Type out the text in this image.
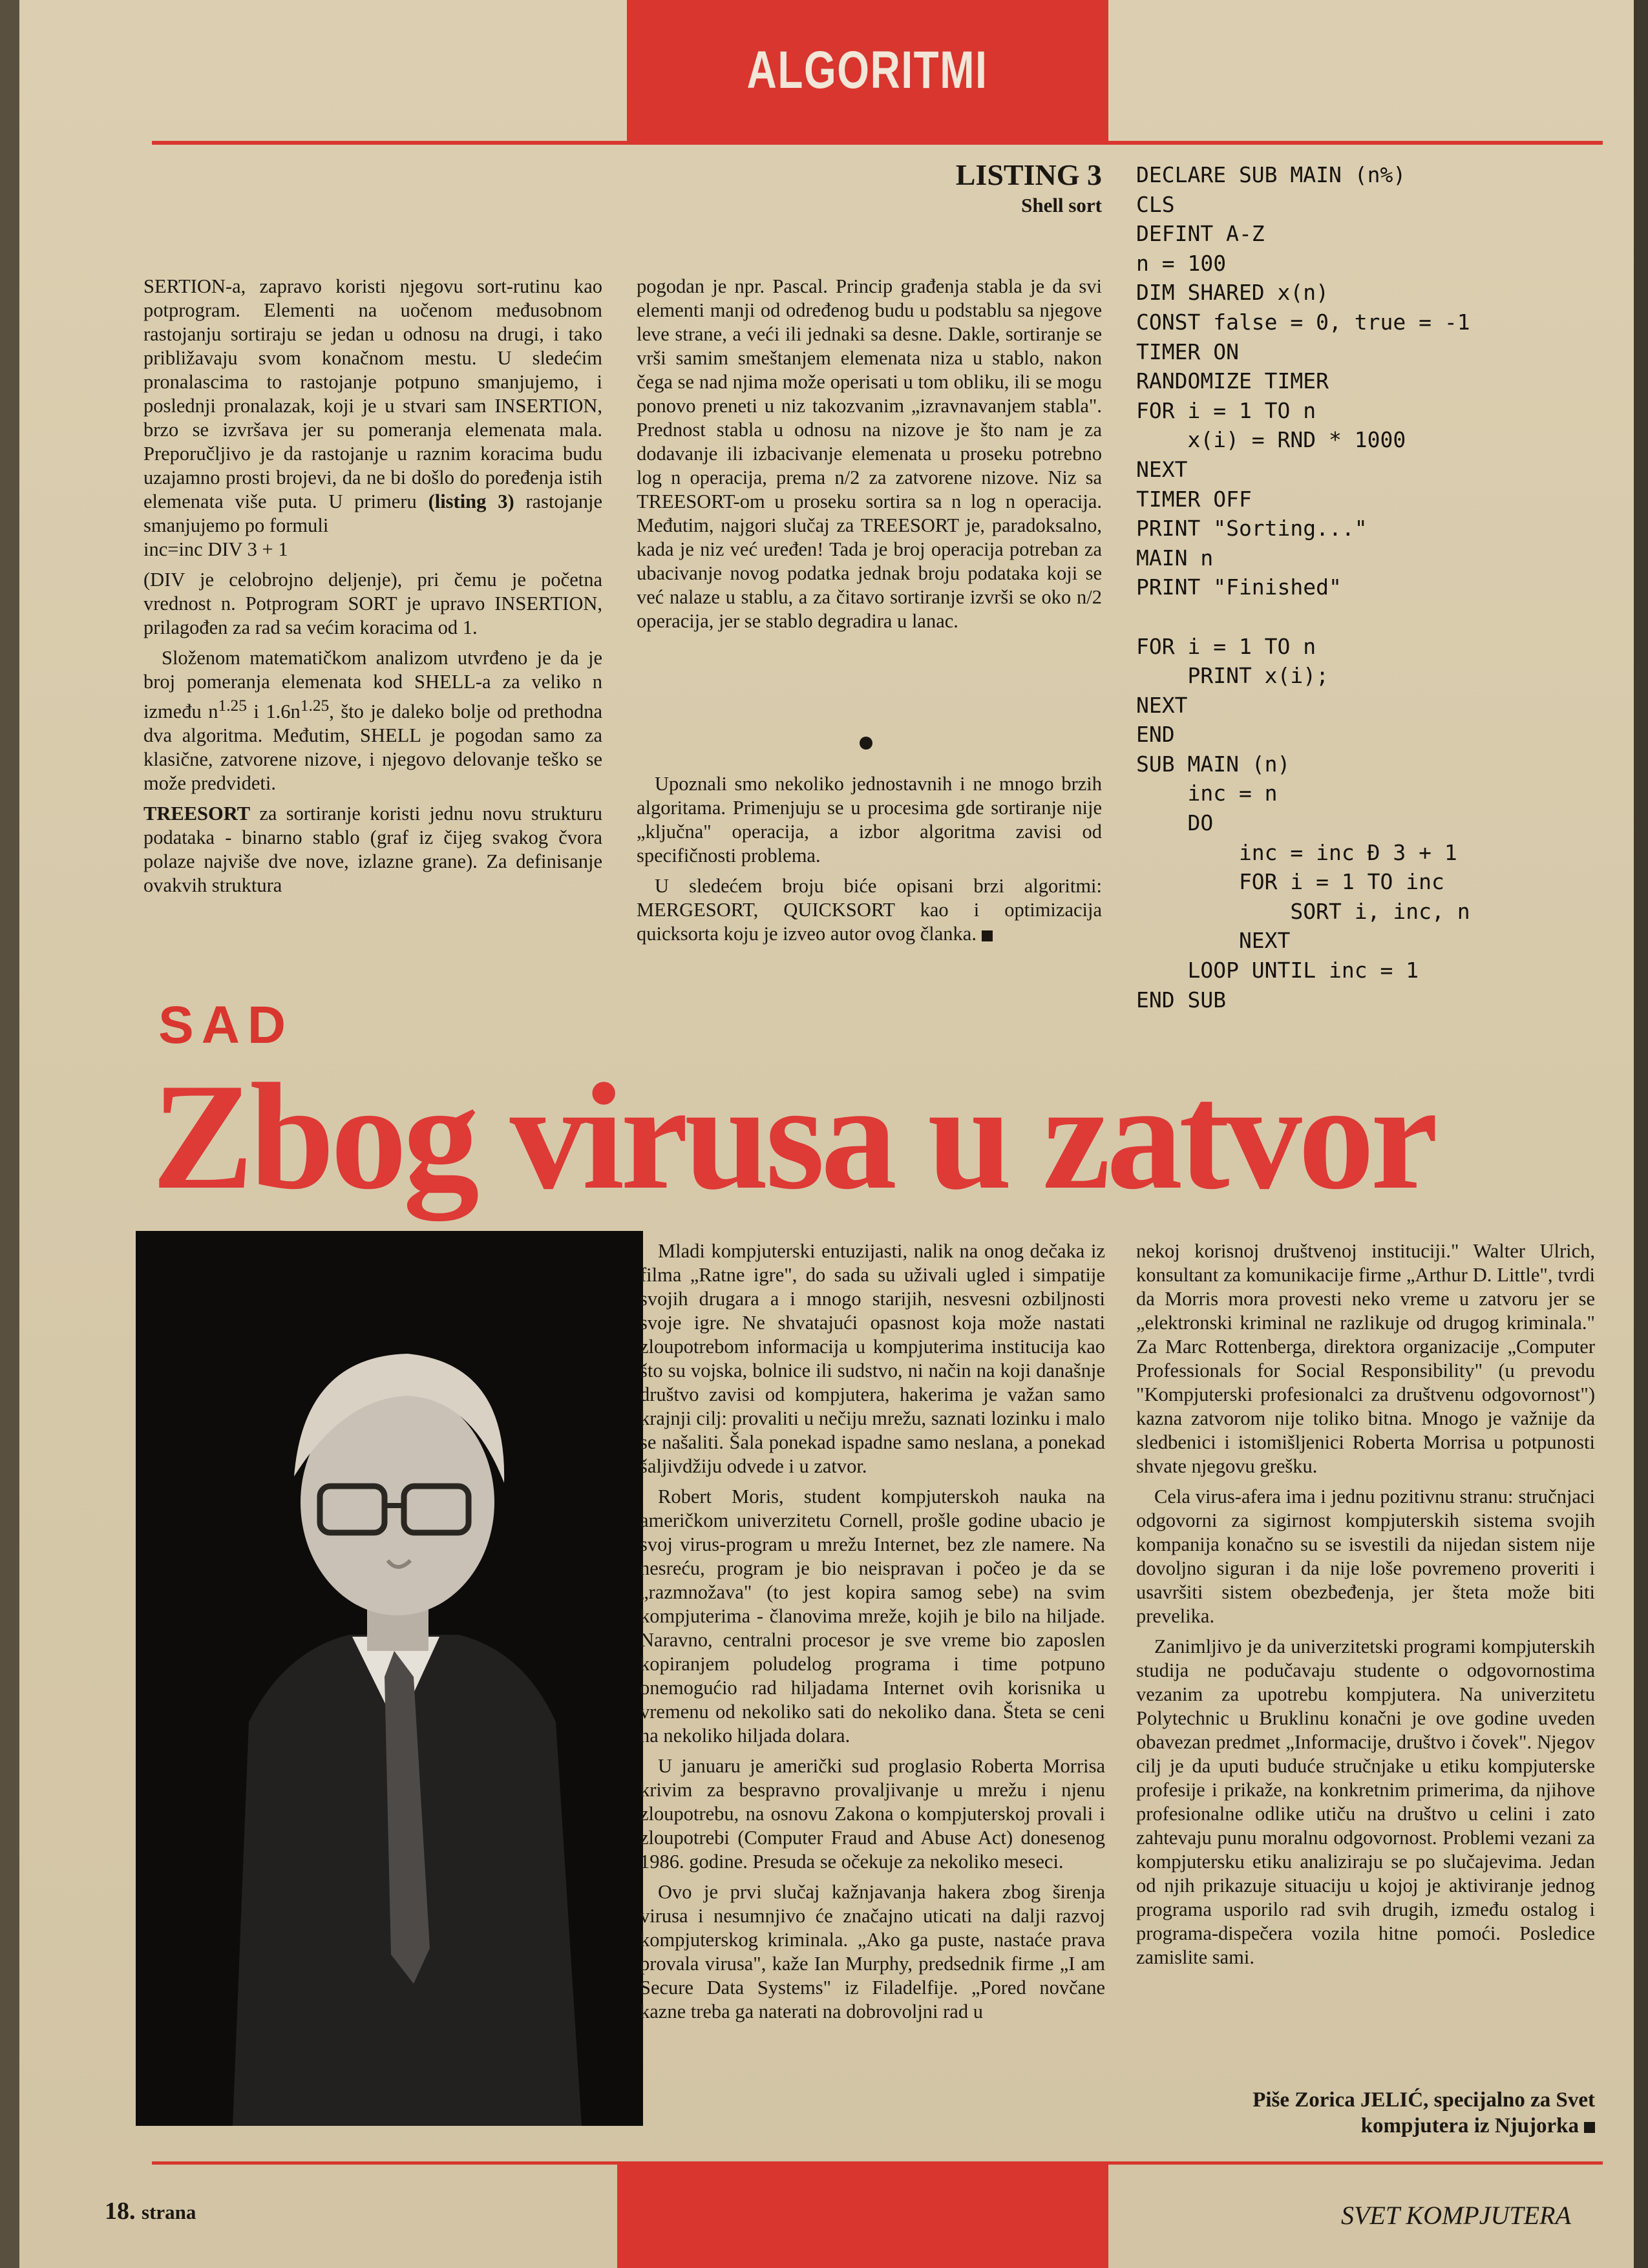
ALGORITMI
LISTING 3
Shell sort
DECLARE SUB MAIN (n%)
CLS
DEFINT A-Z
n = 100
DIM SHARED x(n)
CONST false = 0, true = -1
TIMER ON
RANDOMIZE TIMER
FOR i = 1 TO n
x(i) = RND * 1000
NEXT
TIMER OFF
PRINT "Sorting..."
MAIN n
PRINT "Finished"

FOR i = 1 TO n
PRINT x(i);
NEXT
END
SUB MAIN (n)
inc = n
DO
inc = inc Ð 3 + 1
FOR i = 1 TO inc
SORT i, inc, n
NEXT
LOOP UNTIL inc = 1
END SUB

SERTION-a, zapravo koristi njegovu sort-rutinu kao potprogram. Elementi na uočenom međusobnom rastojanju sortiraju se jedan u odnosu na drugi, i tako približavaju svom konačnom mestu. U sledećim pronalascima to rastojanje potpuno smanjujemo, i poslednji pronalazak, koji je u stvari sam INSERTION, brzo se izvršava jer su pomeranja elemenata mala. Preporučljivo je da rastojanje u raznim koracima budu uzajamno prosti brojevi, da ne bi došlo do poređenja istih elemenata više puta. U primeru (listing 3) rastojanje smanjujemo po formuli
inc=inc DIV 3 + 1

(DIV je celobrojno deljenje), pri čemu je početna vrednost n. Potprogram SORT je upravo INSERTION, prilagođen za rad sa većim koracima od 1.

Složenom matematičkom analizom utvrđeno je da je broj pomeranja elemenata kod SHELL-a za veliko n između $n^{1.25}$ i $1.6n^{1.25}$, što je daleko bolje od prethodna dva algoritma. Međutim, SHELL je pogodan samo za klasične, zatvorene nizove, i njegovo delovanje teško se može predvideti.

TREESORT za sortiranje koristi jednu novu strukturu podataka - binarno stablo (graf iz čijeg svakog čvora polaze najviše dve nove, izlazne grane). Za definisanje ovakvih struktura

pogodan je npr. Pascal. Princip građenja stabla je da svi elementi manji od određenog budu u podstablu sa njegove leve strane, a veći ili jednaki sa desne. Dakle, sortiranje se vrši samim smeštanjem elemenata niza u stablo, nakon čega se nad njima može operisati u tom obliku, ili se mogu ponovo preneti u niz takozvanim „izravnavanjem stabla". Prednost stabla u odnosu na nizove je što nam je za dodavanje ili izbacivanje elemenata u proseku potrebno log n operacija, prema n/2 za zatvorene nizove. Niz sa TREESORT-om u proseku sortira sa n log n operacija. Međutim, najgori slučaj za TREESORT je, paradoksalno, kada je niz već uređen! Tada je broj operacija potreban za ubacivanje novog podatka jednak broju podataka koji se već nalaze u stablu, a za čitavo sortiranje izvrši se oko n/2 operacija, jer se stablo degradira u lanac.

Upoznali smo nekoliko jednostavnih i ne mnogo brzih algoritama. Primenjuju se u procesima gde sortiranje nije „ključna" operacija, a izbor algoritma zavisi od specifičnosti problema.

U sledećem broju biće opisani brzi algoritmi: MERGESORT, QUICKSORT kao i optimizacija quicksorta koju je izveo autor ovog članka.

SAD
Zbog virusa u zatvor

Mladi kompjuterski entuzijasti, nalik na onog dečaka iz filma „Ratne igre", do sada su uživali ugled i simpatije svojih drugara a i mnogo starijih, nesvesni ozbiljnosti svoje igre. Ne shvatajući opasnost koja može nastati zloupotrebom informacija u kompjuterima institucija kao što su vojska, bolnice ili sudstvo, ni način na koji današnje društvo zavisi od kompjutera, hakerima je važan samo krajnji cilj: provaliti u nečiju mrežu, saznati lozinku i malo se našaliti. Šala ponekad ispadne samo neslana, a ponekad šaljivdžiju odvede i u zatvor.

Robert Moris, student kompjuterskoh nauka na američkom univerzitetu Cornell, prošle godine ubacio je svoj virus-program u mrežu Internet, bez zle namere. Na nesreću, program je bio neispravan i počeo je da se „razmnožava" (to jest kopira samog sebe) na svim kompjuterima - članovima mreže, kojih je bilo na hiljade. Naravno, centralni procesor je sve vreme bio zaposlen kopiranjem poludelog programa i time potpuno onemogućio rad hiljadama Internet ovih korisnika u vremenu od nekoliko sati do nekoliko dana. Šteta se ceni na nekoliko hiljada dolara.

U januaru je američki sud proglasio Roberta Morrisa krivim za bespravno provaljivanje u mrežu i njenu zloupotrebu, na osnovu Zakona o kompjuterskoj provali i zloupotrebi (Computer Fraud and Abuse Act) donesenog 1986. godine. Presuda se očekuje za nekoliko meseci.

Ovo je prvi slučaj kažnjavanja hakera zbog širenja virusa i nesumnjivo će značajno uticati na dalji razvoj kompjuterskog kriminala. „Ako ga puste, nastaće prava provala virusa", kaže Ian Murphy, predsednik firme „I am Secure Data Systems" iz Filadelfije. „Pored novčane kazne treba ga naterati na dobrovoljni rad u

nekoj korisnoj društvenoj instituciji." Walter Ulrich, konsultant za komunikacije firme „Arthur D. Little", tvrdi da Morris mora provesti neko vreme u zatvoru jer se „elektronski kriminal ne razlikuje od drugog kriminala." Za Marc Rottenberga, direktora organizacije „Computer Professionals for Social Responsibility" (u prevodu "Kompjuterski profesionalci za društvenu odgovornost") kazna zatvorom nije toliko bitna. Mnogo je važnije da sledbenici i istomišljenici Roberta Morrisa u potpunosti shvate njegovu grešku.

Cela virus-afera ima i jednu pozitivnu stranu: stručnjaci odgovorni za sigirnost kompjuterskih sistema svojih kompanija konačno su se isvestili da nijedan sistem nije dovoljno siguran i da nije loše povremeno proveriti i usavršiti sistem obezbeđenja, jer šteta može biti prevelika.

Zanimljivo je da univerzitetski programi kompjuterskih studija ne podučavaju studente o odgovornostima vezanim za upotrebu kompjutera. Na univerzitetu Polytechnic u Bruklinu konačni je ove godine uveden obavezan predmet „Informacije, društvo i čovek". Njegov cilj je da uputi buduće stručnjake u etiku kompjuterske profesije i prikaže, na konkretnim primerima, da njihove profesionalne odlike utiču na društvo u celini i zato zahtevaju punu moralnu odgovornost. Problemi vezani za kompjutersku etiku analiziraju se po slučajevima. Jedan od njih prikazuje situaciju u kojoj je aktiviranje jednog programa usporilo rad svih drugih, između ostalog i programa-dispečera vozila hitne pomoći. Posledice zamislite sami.

Piše Zorica JELIĆ, specijalno za Svet
kompjutera iz Njujorka
18. strana	SVET KOMPJUTERA
